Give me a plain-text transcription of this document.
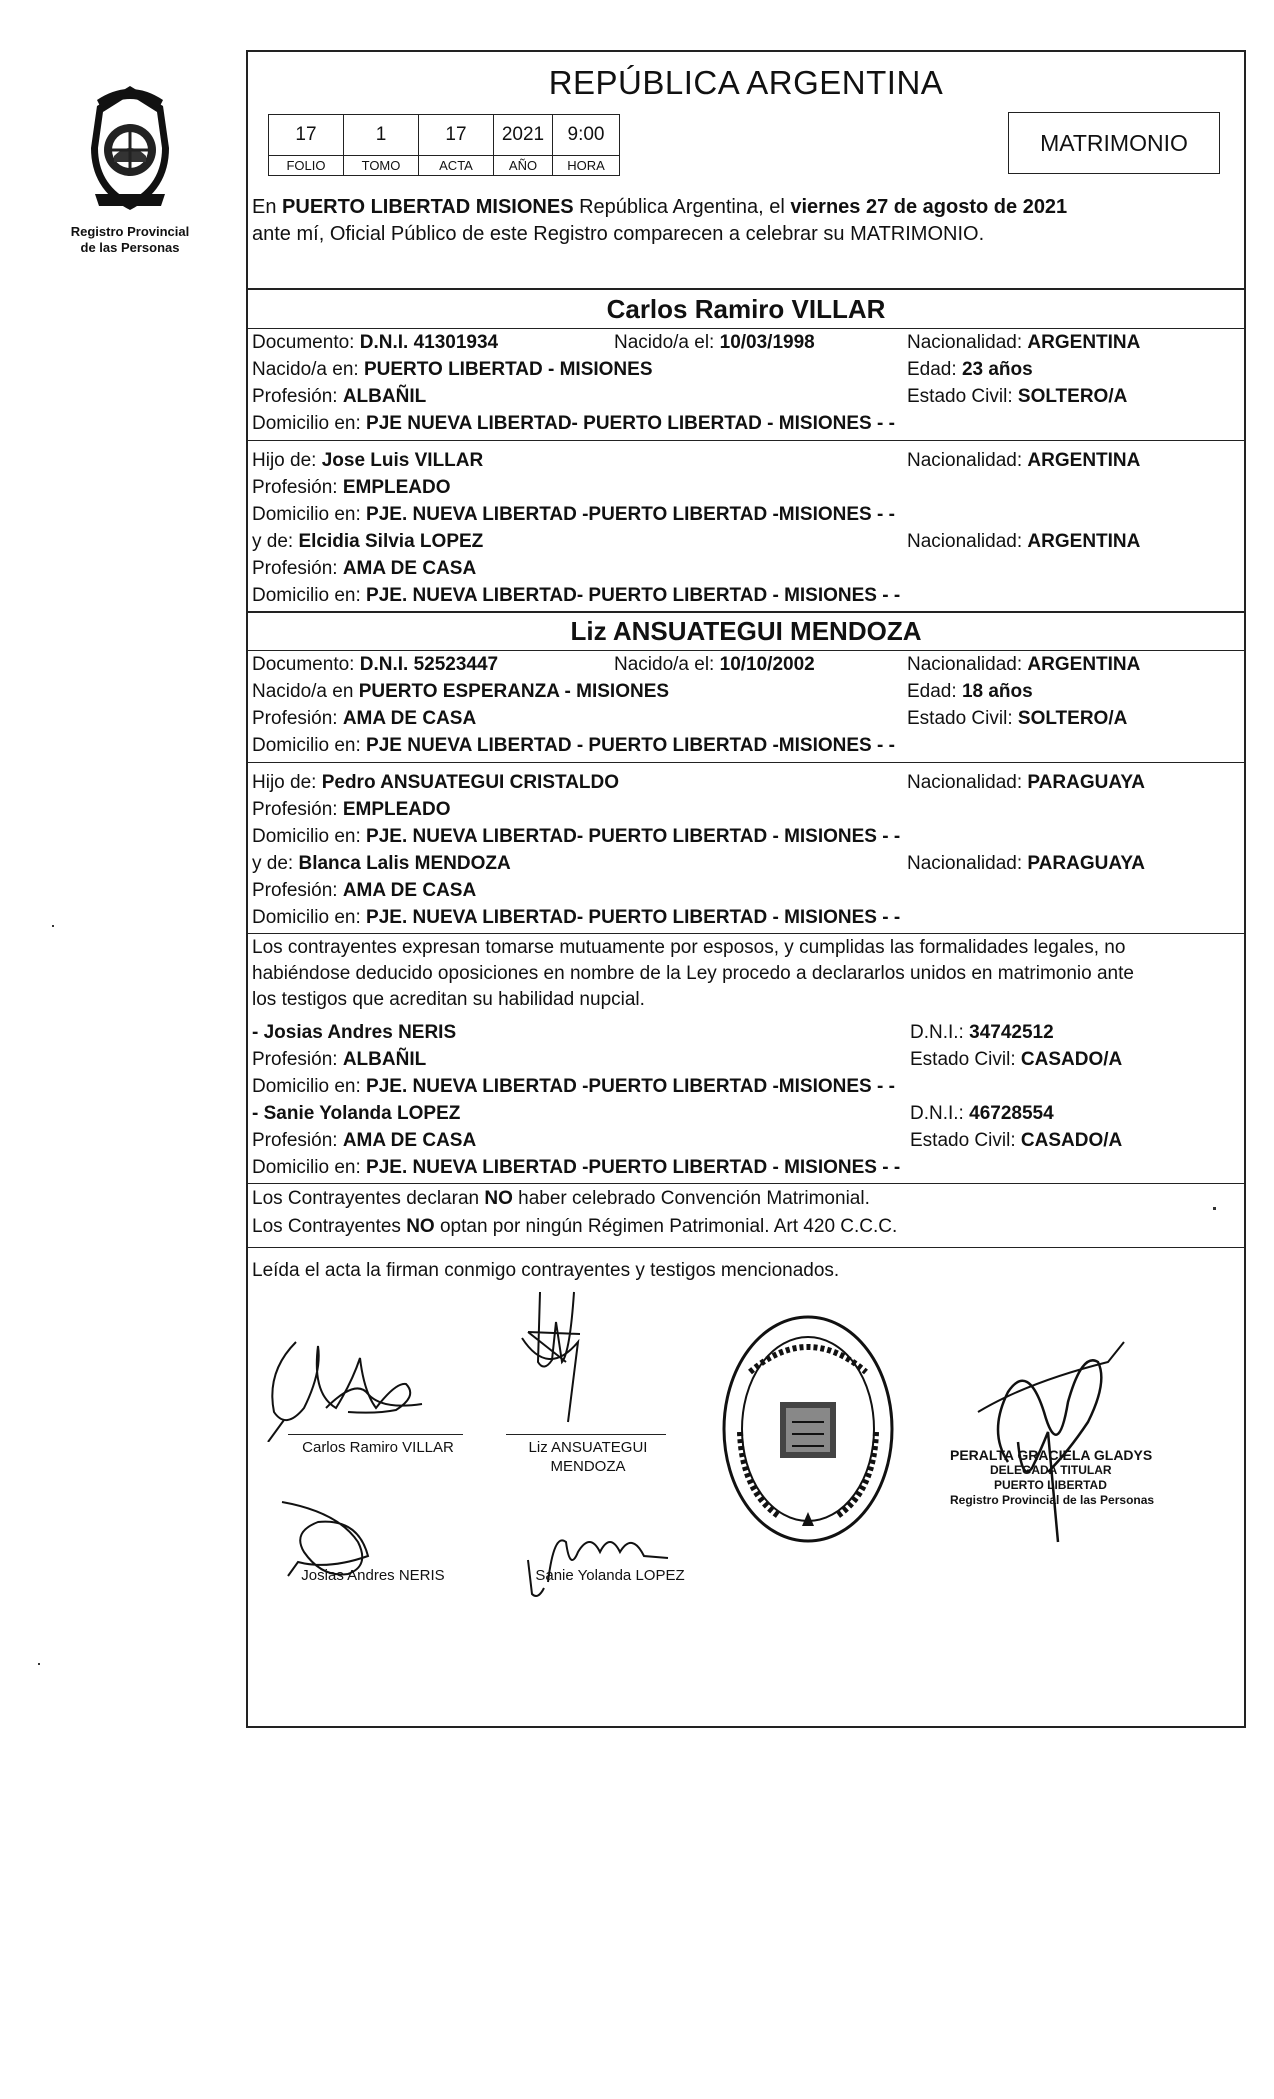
Registro Provincial
de las Personas
REPÚBLICA ARGENTINA
17	1	17	2021	9:00
FOLIO	TOMO	ACTA	AÑO	HORA
MATRIMONIO
En PUERTO LIBERTAD MISIONES República Argentina, el viernes 27 de agosto de 2021
ante mí, Oficial Público de este Registro comparecen a celebrar su MATRIMONIO.
Carlos Ramiro VILLAR
Documento: D.N.I. 41301934	Nacido/a el: 10/03/1998	Nacionalidad: ARGENTINA
Nacido/a en: PUERTO LIBERTAD - MISIONES	Edad: 23 años
Profesión: ALBAÑIL	Estado Civil: SOLTERO/A
Domicilio en: PJE NUEVA LIBERTAD- PUERTO LIBERTAD - MISIONES - -
Hijo de: Jose Luis VILLAR	Nacionalidad: ARGENTINA
Profesión: EMPLEADO
Domicilio en: PJE. NUEVA LIBERTAD -PUERTO LIBERTAD -MISIONES - -
y de: Elcidia Silvia LOPEZ	Nacionalidad: ARGENTINA
Profesión: AMA DE CASA
Domicilio en: PJE. NUEVA LIBERTAD- PUERTO LIBERTAD - MISIONES - -
Liz ANSUATEGUI MENDOZA
Documento: D.N.I. 52523447	Nacido/a el: 10/10/2002	Nacionalidad: ARGENTINA
Nacido/a en PUERTO ESPERANZA - MISIONES	Edad: 18 años
Profesión: AMA DE CASA	Estado Civil: SOLTERO/A
Domicilio en: PJE NUEVA LIBERTAD - PUERTO LIBERTAD -MISIONES - -
Hijo de: Pedro ANSUATEGUI CRISTALDO	Nacionalidad: PARAGUAYA
Profesión: EMPLEADO
Domicilio en: PJE. NUEVA LIBERTAD- PUERTO LIBERTAD - MISIONES - -
y de: Blanca Lalis MENDOZA	Nacionalidad: PARAGUAYA
Profesión: AMA DE CASA
Domicilio en: PJE. NUEVA LIBERTAD- PUERTO LIBERTAD - MISIONES - -
Los contrayentes expresan tomarse mutuamente por esposos, y cumplidas las formalidades legales, no
habiéndose deducido oposiciones en nombre de la Ley procedo a declararlos unidos en matrimonio ante
los testigos que acreditan su habilidad nupcial.
- Josias Andres NERIS	D.N.I.: 34742512
Profesión: ALBAÑIL	Estado Civil: CASADO/A
Domicilio en: PJE. NUEVA LIBERTAD -PUERTO LIBERTAD -MISIONES - -
- Sanie Yolanda LOPEZ	D.N.I.: 46728554
Profesión: AMA DE CASA	Estado Civil: CASADO/A
Domicilio en: PJE. NUEVA LIBERTAD -PUERTO LIBERTAD - MISIONES - -
Los Contrayentes declaran NO haber celebrado Convención Matrimonial.
Los Contrayentes NO optan por ningún Régimen Patrimonial. Art 420 C.C.C.
Leída el acta la firman conmigo contrayentes y testigos mencionados.
Carlos Ramiro VILLAR	Liz ANSUATEGUI
MENDOZA
Josias Andres NERIS	Sanie Yolanda LOPEZ
PERALTA GRACIELA GLADYS
DELEGADA TITULAR
PUERTO LIBERTAD
Registro Provincial de las Personas
